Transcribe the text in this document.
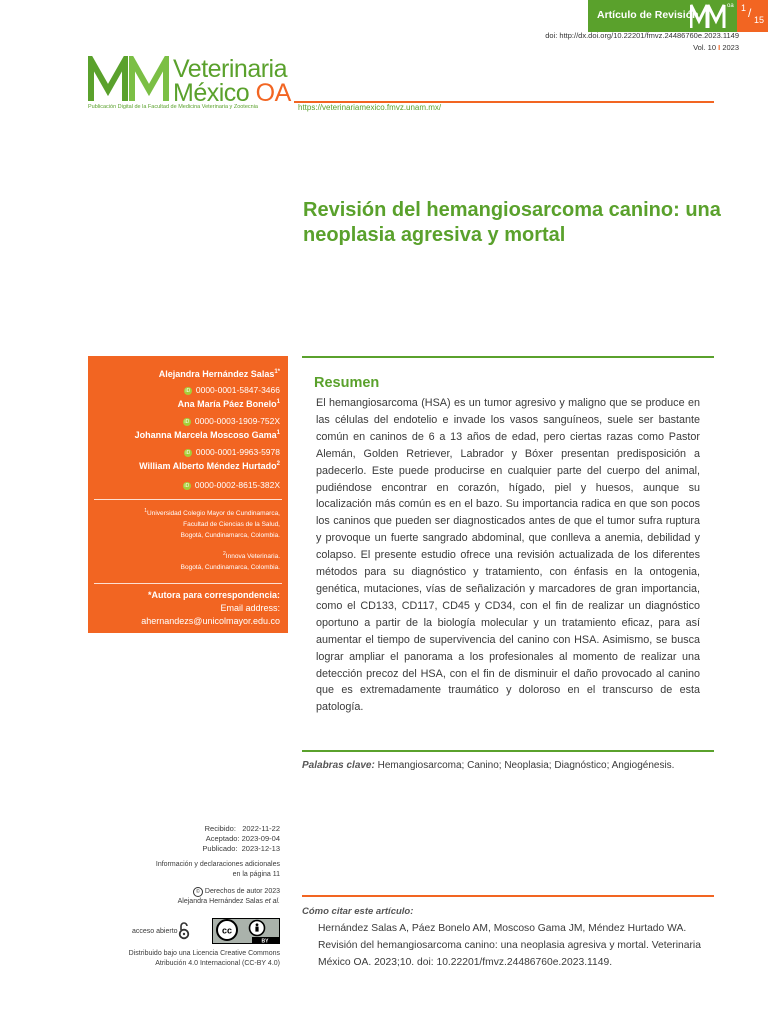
Artículo de Revisión
oa 1 / 15
doi: http://dx.doi.org/10.22201/fmvz.24486760e.2023.1149
Vol. 10 I 2023
Veterinaria
México OA
Publicación Digital de la Facultad de Medicina Veterinaria y Zootecnia	https://veterinariamexico.fmvz.unam.mx/
Revisión del hemangiosarcoma canino: una neoplasia agresiva y mortal
Alejandra Hernández Salas$^{1*}$
iD 0000-0001-5847-3466
Ana María Páez Bonelo$^1$
iD 0000-0003-1909-752X
Johanna Marcela Moscoso Gama$^1$
iD 0000-0001-9963-5978
William Alberto Méndez Hurtado$^2$
iD 0000-0002-8615-382X
$^1$Universidad Colegio Mayor de Cundinamarca,
Facultad de Ciencias de la Salud,
Bogotá, Cundinamarca, Colombia.
$^2$Innova Veterinaria.
Bogotá, Cundinamarca, Colombia.
*Autora para correspondencia:
Email address:
ahernandezs@unicolmayor.edu.co
Resumen
El hemangiosarcoma (HSA) es un tumor agresivo y maligno que se produce en las células del endotelio e invade los vasos sanguíneos, suele ser bastante común en caninos de 6 a 13 años de edad, pero ciertas razas como Pastor Alemán, Golden Retriever, Labrador y Bóxer presentan predisposición a padecerlo. Este puede producirse en cualquier parte del cuerpo del animal, pudiéndose encontrar en corazón, hígado, piel y huesos, aunque su localización más común es en el bazo. Su importancia radica en que son pocos los caninos que pueden ser diagnosticados antes de que el tumor sufra ruptura y provoque un fuerte sangrado abdominal, que conlleva a anemia, debilidad y colapso. El presente estudio ofrece una revisión actualizada de los diferentes métodos para su diagnóstico y tratamiento, con énfasis en la ontogenia, genética, mutaciones, vías de señalización y marcadores de gran importancia, como el CD133, CD117, CD45 y CD34, con el fin de realizar un diagnóstico oportuno a partir de la biología molecular y un tratamiento eficaz, para así aumentar el tiempo de supervivencia del canino con HSA. Asimismo, se busca lograr ampliar el panorama a los profesionales al momento de realizar una detección precoz del HSA, con el fin de disminuir el daño provocado al canino que es extremadamente traumático y doloroso en el transcurso de esta patología.
Palabras clave: Hemangiosarcoma; Canino; Neoplasia; Diagnóstico; Angiogénesis.
Recibido: 2022-11-22
Aceptado: 2023-09-04
Publicado: 2023-12-13
Información y declaraciones adicionales
en la página 11
© Derechos de autor 2023
Alejandra Hernández Salas et al.
acceso abierto	cc
BY
Distribuido bajo una Licencia Creative Commons
Atribución 4.0 Internacional (CC-BY 4.0)
Cómo citar este artículo:
Hernández Salas A, Páez Bonelo AM, Moscoso Gama JM, Méndez Hurtado WA. Revisión del hemangiosarcoma canino: una neoplasia agresiva y mortal. Veterinaria México OA. 2023;10. doi: 10.22201/fmvz.24486760e.2023.1149.
